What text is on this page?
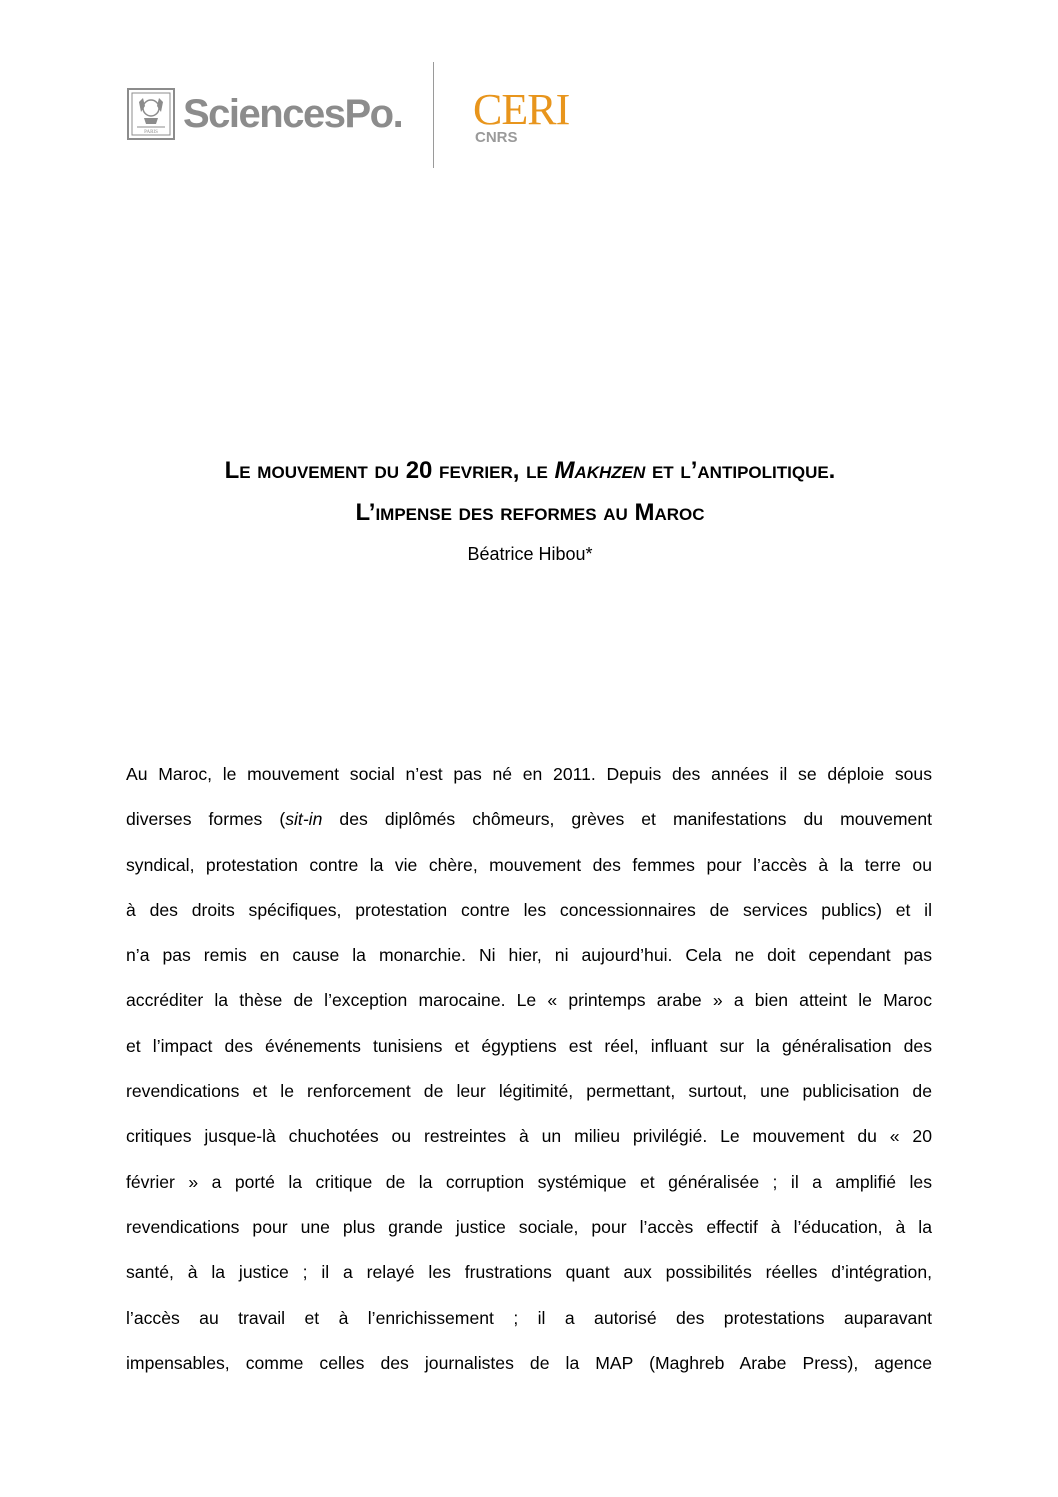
PARIS SciencesPo. CERI
CNRS
Le mouvement du 20 fevrier, le Makhzen et l’antipolitique.
L’impense des reformes au Maroc
Béatrice Hibou*
Au Maroc, le mouvement social n’est pas né en 2011. Depuis des années il se déploie sous
diverses formes (sit-in des diplômés chômeurs, grèves et manifestations du mouvement
syndical, protestation contre la vie chère, mouvement des femmes pour l’accès à la terre ou
à des droits spécifiques, protestation contre les concessionnaires de services publics) et il
n’a pas remis en cause la monarchie. Ni hier, ni aujourd’hui. Cela ne doit cependant pas
accréditer la thèse de l’exception marocaine. Le « printemps arabe » a bien atteint le Maroc
et l’impact des événements tunisiens et égyptiens est réel, influant sur la généralisation des
revendications et le renforcement de leur légitimité, permettant, surtout, une publicisation de
critiques jusque-là chuchotées ou restreintes à un milieu privilégié. Le mouvement du « 20
février » a porté la critique de la corruption systémique et généralisée ; il a amplifié les
revendications pour une plus grande justice sociale, pour l’accès effectif à l’éducation, à la
santé, à la justice ; il a relayé les frustrations quant aux possibilités réelles d’intégration,
l’accès au travail et à l’enrichissement ; il a autorisé des protestations auparavant
impensables, comme celles des journalistes de la MAP (Maghreb Arabe Press), agence
